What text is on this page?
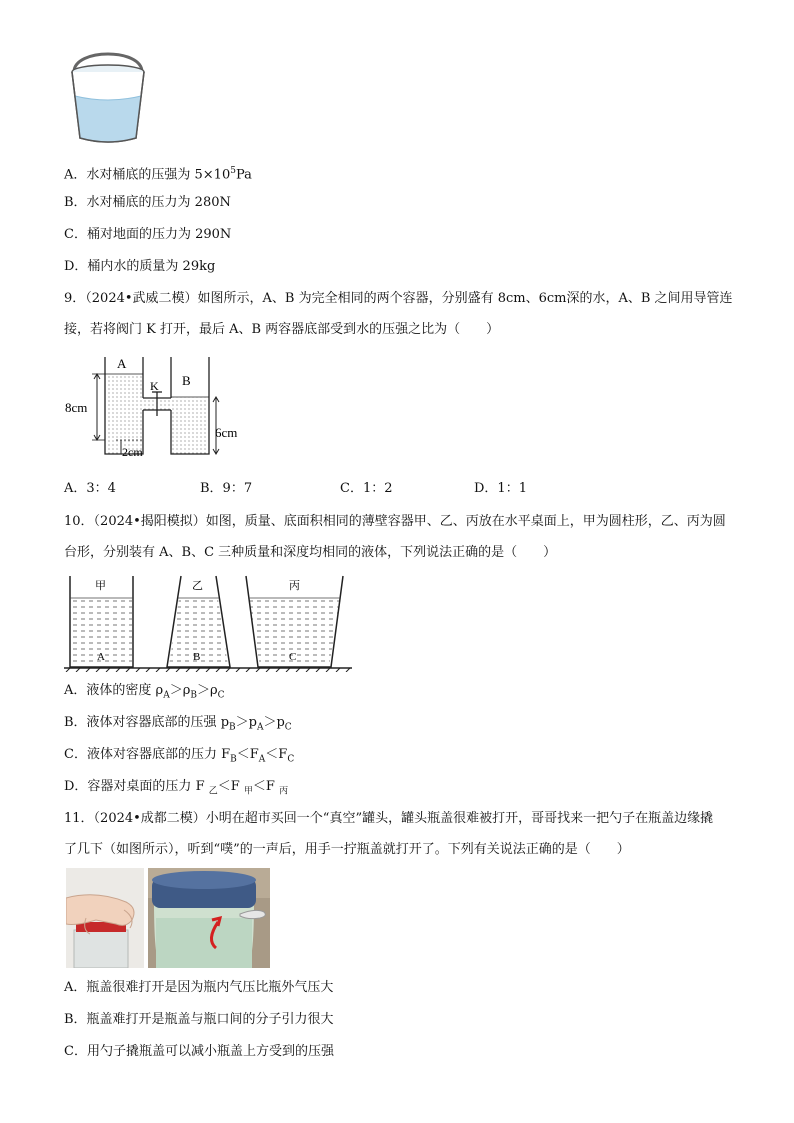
A．水对桶底的压强为 $5\times 10^5Pa$
B．水对桶底的压力为 280N
C．桶对地面的压力为 290N
D．桶内水的质量为 29kg
9．（2024•武威二模）如图所示，A、B 为完全相同的两个容器，分别盛有 8cm、6cm深的水，A、B 之间用导管连
接，若将阀门 K 打开，最后 A、B 两容器底部受到水的压强之比为（　　）
A
B
K
8cm
6cm
2cm
A．3：4	B．9：7	C．1：2	D．1：1
10．（2024•揭阳模拟）如图，质量、底面积相同的薄壁容器甲、乙、丙放在水平桌面上，甲为圆柱形，乙、丙为圆
台形，分别装有 A、B、C 三种质量和深度均相同的液体，下列说法正确的是（　　）
甲	乙	丙
A	B	C
A．液体的密度 $\rho_A>\rho_B>\rho_C$
B．液体对容器底部的压强 $p_B>p_A>p_C$
C．液体对容器底部的压力 $F_B<F_A<F_C$
D．容器对桌面的压力 F $_乙$＜F $_甲$＜F $_丙$
11．（2024•成都二模）小明在超市买回一个“真空”罐头，罐头瓶盖很难被打开，哥哥找来一把勺子在瓶盖边缘撬
了几下（如图所示），听到“噗”的一声后，用手一拧瓶盖就打开了。下列有关说法正确的是（　　）
A．瓶盖很难打开是因为瓶内气压比瓶外气压大
B．瓶盖难打开是瓶盖与瓶口间的分子引力很大
C．用勺子撬瓶盖可以减小瓶盖上方受到的压强
